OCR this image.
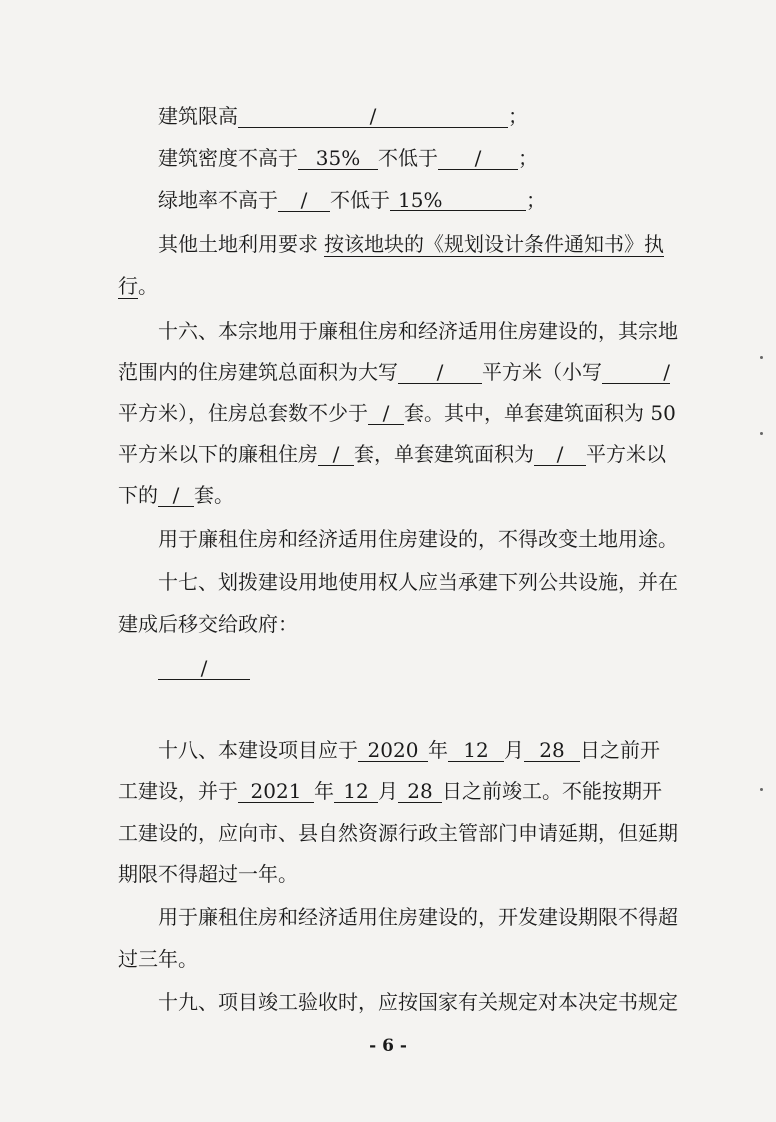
建筑限高	/	；
建筑密度不高于 35% 不低于 / ；
绿地率不高于 / 不低于 15%	；
其他土地利用要求 按该地块的《规划设计条件通知书》执
行。
十六、本宗地用于廉租住房和经济适用住房建设的，其宗地
范围内的住房建筑总面积为大写 / 平方米（小写	/
平方米），住房总套数不少于 / 套。其中，单套建筑面积为 50
平方米以下的廉租住房 / 套，单套建筑面积为 / 平方米以
下的 / 套。
用于廉租住房和经济适用住房建设的，不得改变土地用途。
十七、划拨建设用地使用权人应当承建下列公共设施，并在
建成后移交给政府：
/
十八、本建设项目应于 2020 年 12 月 28 日之前开
工建设，并于 2021 年 12 月 28 日之前竣工。不能按期开
工建设的，应向市、县自然资源行政主管部门申请延期，但延期
期限不得超过一年。
用于廉租住房和经济适用住房建设的，开发建设期限不得超
过三年。
十九、项目竣工验收时，应按国家有关规定对本决定书规定
- 6 -
